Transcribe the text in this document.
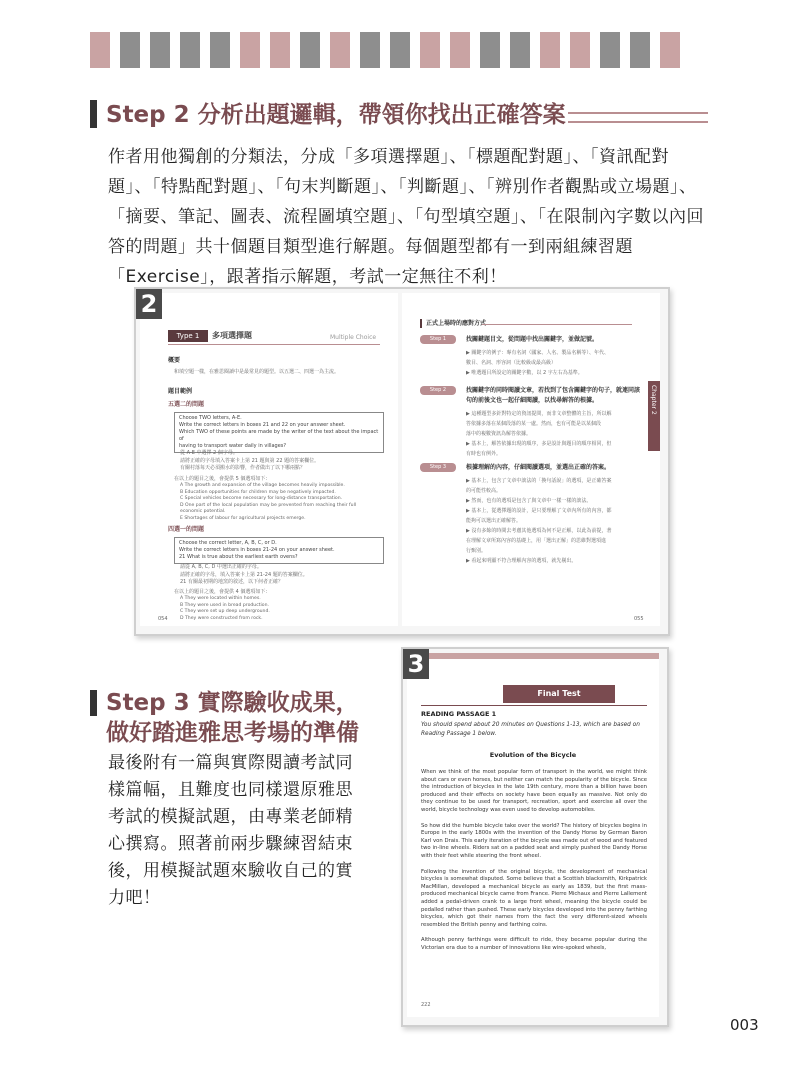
Step 2 分析出題邏輯，帶領你找出正確答案
作者用他獨創的分類法，分成「多項選擇題」、「標題配對題」、「資訊配對題」、「特點配對題」、「句末判斷題」、「判斷題」、「辨別作者觀點或立場題」、「摘要、筆記、圖表、流程圖填空題」、「句型填空題」、「在限制內字數以內回答的問題」共十個題目類型進行解題。每個題型都有一到兩組練習題「Exercise」，跟著指示解題，考試一定無往不利！
Type 1	多項選擇題	Multiple Choice
概要
和填空題一樣，在雅思閱讀中是最常見的題型。以五選二、四選一為主流。
題目範例
五選二的問題
Choose TWO letters, A-E.
Write the correct letters in boxes 21 and 22 on your answer sheet.
Which TWO of these points are made by the writer of the text about the impact of
having to transport water daily in villages?
從 A-E 中選擇 2 個字母。
請將正確的字母填入答案卡上第 21 題與第 22 題的答案欄位。
有關村落每天必須搬水的影響，作者做出了以下哪兩點？
在以上的題目之後，會提供 5 個選項如下：
A The growth and expansion of the village becomes heavily impossible.
B Education opportunities for children may be negatively impacted.
C Special vehicles become necessary for long-distance transportation.
D One part of the local population may be prevented from reaching their full
economic potential.
E Shortages of labour for agricultural projects emerge.
四選一的問題
Choose the correct letter, A, B, C, or D.
Write the correct letters in boxes 21-24 on your answer sheet.
21 What is true about the earliest earth ovens?
請從 A, B, C, D 中選出正確的字母。
請將正確的字母，填入答案卡上第 21-24 題的答案欄位。
21 有關最初期的地窯的敘述，以下何者正確？
在以上的題目之後，會提供 4 個選項如下：
A They were located within homes.
B They were used in bread production.
C They were set up deep underground.
D They were constructed from rock.
054
正式上場時的應對方式
Step 1	找關鍵題目文，從問題中找出關鍵字，並做記號。
▶ 關鍵字的例子：專有名詞（國家、人名、製品名稱等）、年代、
數目、名詞、形容詞（比較級或最高級）
▶ 唯選題目所設定的關鍵字數，以 2 字左右為基準。
Step 2	找關鍵字的同時閱讀文章，若找到了包含關鍵字的句子，就連同該
句的前後文也一起仔細閱讀，以找尋解答的根據。
▶ 這種題型多針對特定的資訊提問，而非文章整體的主旨，所以解
答依據多落在某個段落的某一處。然而，也有可能是以某個段
落中的複數資訊為解答依據。
▶ 基本上，解答依據出現的順序，多是設計與題目的順序相同，但
有時也有例外。
Step 3	根據理解的內容，仔細閱讀選項，並選出正確的答案。
▶ 基本上，包含了文章中談法的「換句話說」的選項，是正確答案
的可能性較高。
▶ 然而，也有的選項是包含了與文章中一樣一樣的談法。
▶ 基本上，從選擇題的設計，是只要理解了文章內所有的內容，都
能夠可以選出正確解答。
▶ 沒有多餘的時間去考慮其他選項為何不是正解，以此為前提，著
在理解文章所寫內容的基礎上，用「選出正解」的思維對選項進
行甄別。
▶ 看起來明顯不符合理解內容的選項，就先剔出。
Chapter 2
055
2
Step 3 實際驗收成果，
做好踏進雅思考場的準備
最後附有一篇與實際閱讀考試同樣篇幅，且難度也同樣還原雅思考試的模擬試題，由專業老師精心撰寫。照著前兩步驟練習結束後，用模擬試題來驗收自己的實力吧！
Final Test
READING PASSAGE 1
You should spend about 20 minutes on Questions 1-13, which are based on Reading Passage 1 below.
Evolution of the Bicycle

When we think of the most popular form of transport in the world, we might think about cars or even horses, but neither can match the popularity of the bicycle. Since the introduction of bicycles in the late 19th century, more than a billion have been produced and their effects on society have been equally as massive. Not only do they continue to be used for transport, recreation, sport and exercise all over the world, bicycle technology was even used to develop automobiles.

So how did the humble bicycle take over the world? The history of bicycles begins in Europe in the early 1800s with the invention of the Dandy Horse by German Baron Karl von Drais. This early iteration of the bicycle was made out of wood and featured two in-line wheels. Riders sat on a padded seat and simply pushed the Dandy Horse with their feet while steering the front wheel.

Following the invention of the original bicycle, the development of mechanical bicycles is somewhat disputed. Some believe that a Scottish blacksmith, Kirkpatrick MacMillan, developed a mechanical bicycle as early as 1839, but the first mass-produced mechanical bicycle came from France. Pierre Michaux and Pierre Lallement added a pedal-driven crank to a large front wheel, meaning the bicycle could be pedalled rather than pushed. These early bicycles developed into the penny farthing bicycles, which got their names from the fact the very different-sized wheels resembled the British penny and farthing coins.

Although penny farthings were difficult to ride, they became popular during the Victorian era due to a number of innovations like wire-spoked wheels,

222
3
003
